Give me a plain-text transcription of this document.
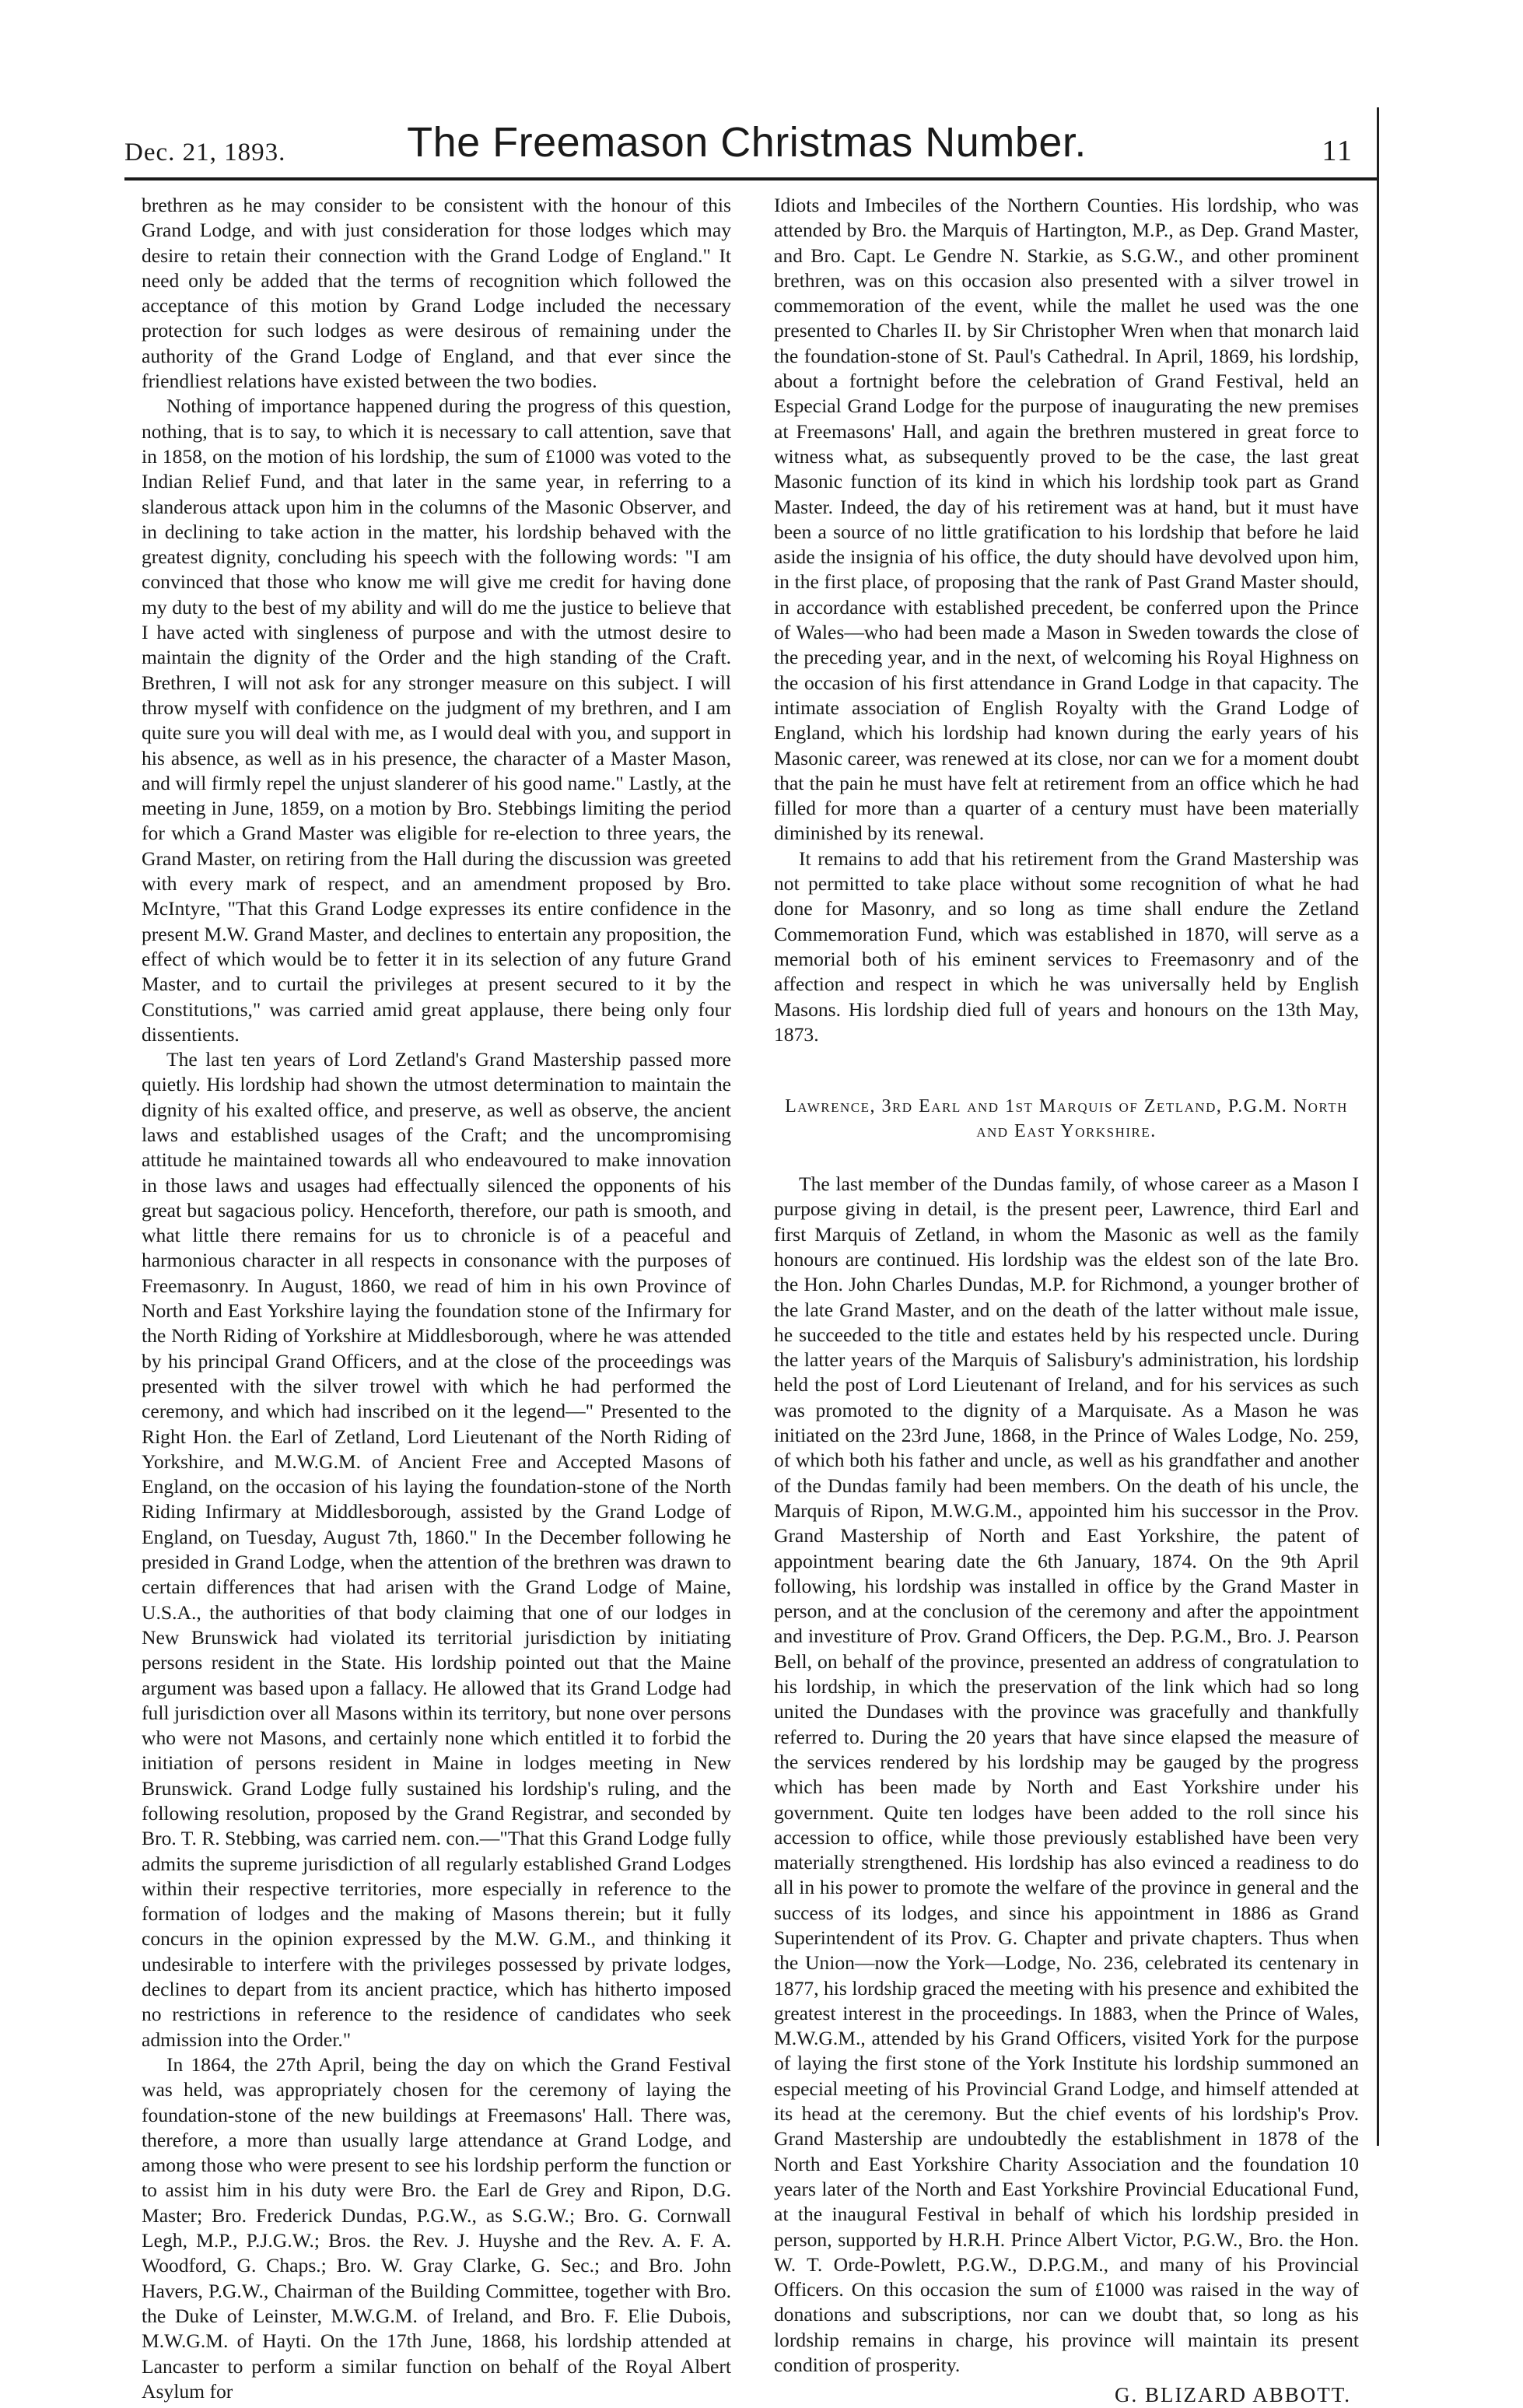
Dec. 21, 1893.	The Freemason Christmas Number.	11

brethren as he may consider to be consistent with the honour of this Grand Lodge, and with just consideration for those lodges which may desire to retain their connection with the Grand Lodge of England." It need only be added that the terms of recognition which followed the acceptance of this motion by Grand Lodge included the necessary protection for such lodges as were desirous of remaining under the authority of the Grand Lodge of England, and that ever since the friendliest relations have existed between the two bodies.

Nothing of importance happened during the progress of this question, nothing, that is to say, to which it is necessary to call attention, save that in 1858, on the motion of his lordship, the sum of £1000 was voted to the Indian Relief Fund, and that later in the same year, in referring to a slanderous attack upon him in the columns of the Masonic Observer, and in declining to take action in the matter, his lordship behaved with the greatest dignity, concluding his speech with the following words: "I am convinced that those who know me will give me credit for having done my duty to the best of my ability and will do me the justice to believe that I have acted with singleness of purpose and with the utmost desire to maintain the dignity of the Order and the high standing of the Craft. Brethren, I will not ask for any stronger measure on this subject. I will throw myself with confidence on the judgment of my brethren, and I am quite sure you will deal with me, as I would deal with you, and support in his absence, as well as in his presence, the character of a Master Mason, and will firmly repel the unjust slanderer of his good name." Lastly, at the meeting in June, 1859, on a motion by Bro. Stebbings limiting the period for which a Grand Master was eligible for re-election to three years, the Grand Master, on retiring from the Hall during the discussion was greeted with every mark of respect, and an amendment proposed by Bro. McIntyre, "That this Grand Lodge expresses its entire confidence in the present M.W. Grand Master, and declines to entertain any proposition, the effect of which would be to fetter it in its selection of any future Grand Master, and to curtail the privileges at present secured to it by the Constitutions," was carried amid great applause, there being only four dissentients.

The last ten years of Lord Zetland's Grand Mastership passed more quietly. His lordship had shown the utmost determination to maintain the dignity of his exalted office, and preserve, as well as observe, the ancient laws and established usages of the Craft; and the uncompromising attitude he maintained towards all who endeavoured to make innovation in those laws and usages had effectually silenced the opponents of his great but sagacious policy. Henceforth, therefore, our path is smooth, and what little there remains for us to chronicle is of a peaceful and harmonious character in all respects in consonance with the purposes of Freemasonry. In August, 1860, we read of him in his own Province of North and East Yorkshire laying the foundation stone of the Infirmary for the North Riding of Yorkshire at Middlesborough, where he was attended by his principal Grand Officers, and at the close of the proceedings was presented with the silver trowel with which he had performed the ceremony, and which had inscribed on it the legend—" Presented to the Right Hon. the Earl of Zetland, Lord Lieutenant of the North Riding of Yorkshire, and M.W.G.M. of Ancient Free and Accepted Masons of England, on the occasion of his laying the foundation-stone of the North Riding Infirmary at Middlesborough, assisted by the Grand Lodge of England, on Tuesday, August 7th, 1860." In the December following he presided in Grand Lodge, when the attention of the brethren was drawn to certain differences that had arisen with the Grand Lodge of Maine, U.S.A., the authorities of that body claiming that one of our lodges in New Brunswick had violated its territorial jurisdiction by initiating persons resident in the State. His lordship pointed out that the Maine argument was based upon a fallacy. He allowed that its Grand Lodge had full jurisdiction over all Masons within its territory, but none over persons who were not Masons, and certainly none which entitled it to forbid the initiation of persons resident in Maine in lodges meeting in New Brunswick. Grand Lodge fully sustained his lordship's ruling, and the following resolution, proposed by the Grand Registrar, and seconded by Bro. T. R. Stebbing, was carried nem. con.—"That this Grand Lodge fully admits the supreme jurisdiction of all regularly established Grand Lodges within their respective territories, more especially in reference to the formation of lodges and the making of Masons therein; but it fully concurs in the opinion expressed by the M.W. G.M., and thinking it undesirable to interfere with the privileges possessed by private lodges, declines to depart from its ancient practice, which has hitherto imposed no restrictions in reference to the residence of candidates who seek admission into the Order."

In 1864, the 27th April, being the day on which the Grand Festival was held, was appropriately chosen for the ceremony of laying the foundation-stone of the new buildings at Freemasons' Hall. There was, therefore, a more than usually large attendance at Grand Lodge, and among those who were present to see his lordship perform the function or to assist him in his duty were Bro. the Earl de Grey and Ripon, D.G. Master; Bro. Frederick Dundas, P.G.W., as S.G.W.; Bro. G. Cornwall Legh, M.P., P.J.G.W.; Bros. the Rev. J. Huyshe and the Rev. A. F. A. Woodford, G. Chaps.; Bro. W. Gray Clarke, G. Sec.; and Bro. John Havers, P.G.W., Chairman of the Building Committee, together with Bro. the Duke of Leinster, M.W.G.M. of Ireland, and Bro. F. Elie Dubois, M.W.G.M. of Hayti. On the 17th June, 1868, his lordship attended at Lancaster to perform a similar function on behalf of the Royal Albert Asylum for

Idiots and Imbeciles of the Northern Counties. His lordship, who was attended by Bro. the Marquis of Hartington, M.P., as Dep. Grand Master, and Bro. Capt. Le Gendre N. Starkie, as S.G.W., and other prominent brethren, was on this occasion also presented with a silver trowel in commemoration of the event, while the mallet he used was the one presented to Charles II. by Sir Christopher Wren when that monarch laid the foundation-stone of St. Paul's Cathedral. In April, 1869, his lordship, about a fortnight before the celebration of Grand Festival, held an Especial Grand Lodge for the purpose of inaugurating the new premises at Freemasons' Hall, and again the brethren mustered in great force to witness what, as subsequently proved to be the case, the last great Masonic function of its kind in which his lordship took part as Grand Master. Indeed, the day of his retirement was at hand, but it must have been a source of no little gratification to his lordship that before he laid aside the insignia of his office, the duty should have devolved upon him, in the first place, of proposing that the rank of Past Grand Master should, in accordance with established precedent, be conferred upon the Prince of Wales—who had been made a Mason in Sweden towards the close of the preceding year, and in the next, of welcoming his Royal Highness on the occasion of his first attendance in Grand Lodge in that capacity. The intimate association of English Royalty with the Grand Lodge of England, which his lordship had known during the early years of his Masonic career, was renewed at its close, nor can we for a moment doubt that the pain he must have felt at retirement from an office which he had filled for more than a quarter of a century must have been materially diminished by its renewal.

It remains to add that his retirement from the Grand Mastership was not permitted to take place without some recognition of what he had done for Masonry, and so long as time shall endure the Zetland Commemoration Fund, which was established in 1870, will serve as a memorial both of his eminent services to Freemasonry and of the affection and respect in which he was universally held by English Masons. His lordship died full of years and honours on the 13th May, 1873.

Lawrence, 3rd Earl and 1st Marquis of Zetland, P.G.M. North
and East Yorkshire.

The last member of the Dundas family, of whose career as a Mason I purpose giving in detail, is the present peer, Lawrence, third Earl and first Marquis of Zetland, in whom the Masonic as well as the family honours are continued. His lordship was the eldest son of the late Bro. the Hon. John Charles Dundas, M.P. for Richmond, a younger brother of the late Grand Master, and on the death of the latter without male issue, he succeeded to the title and estates held by his respected uncle. During the latter years of the Marquis of Salisbury's administration, his lordship held the post of Lord Lieutenant of Ireland, and for his services as such was promoted to the dignity of a Marquisate. As a Mason he was initiated on the 23rd June, 1868, in the Prince of Wales Lodge, No. 259, of which both his father and uncle, as well as his grandfather and another of the Dundas family had been members. On the death of his uncle, the Marquis of Ripon, M.W.G.M., appointed him his successor in the Prov. Grand Mastership of North and East Yorkshire, the patent of appointment bearing date the 6th January, 1874. On the 9th April following, his lordship was installed in office by the Grand Master in person, and at the conclusion of the ceremony and after the appointment and investiture of Prov. Grand Officers, the Dep. P.G.M., Bro. J. Pearson Bell, on behalf of the province, presented an address of congratulation to his lordship, in which the preservation of the link which had so long united the Dundases with the province was gracefully and thankfully referred to. During the 20 years that have since elapsed the measure of the services rendered by his lordship may be gauged by the progress which has been made by North and East Yorkshire under his government. Quite ten lodges have been added to the roll since his accession to office, while those previously established have been very materially strengthened. His lordship has also evinced a readiness to do all in his power to promote the welfare of the province in general and the success of its lodges, and since his appointment in 1886 as Grand Superintendent of its Prov. G. Chapter and private chapters. Thus when the Union—now the York—Lodge, No. 236, celebrated its centenary in 1877, his lordship graced the meeting with his presence and exhibited the greatest interest in the proceedings. In 1883, when the Prince of Wales, M.W.G.M., attended by his Grand Officers, visited York for the purpose of laying the first stone of the York Institute his lordship summoned an especial meeting of his Provincial Grand Lodge, and himself attended at its head at the ceremony. But the chief events of his lordship's Prov. Grand Mastership are undoubtedly the establishment in 1878 of the North and East Yorkshire Charity Association and the foundation 10 years later of the North and East Yorkshire Provincial Educational Fund, at the inaugural Festival in behalf of which his lordship presided in person, supported by H.R.H. Prince Albert Victor, P.G.W., Bro. the Hon. W. T. Orde-Powlett, P.G.W., D.P.G.M., and many of his Provincial Officers. On this occasion the sum of £1000 was raised in the way of donations and subscriptions, nor can we doubt that, so long as his lordship remains in charge, his province will maintain its present condition of prosperity.

G. BLIZARD ABBOTT.
